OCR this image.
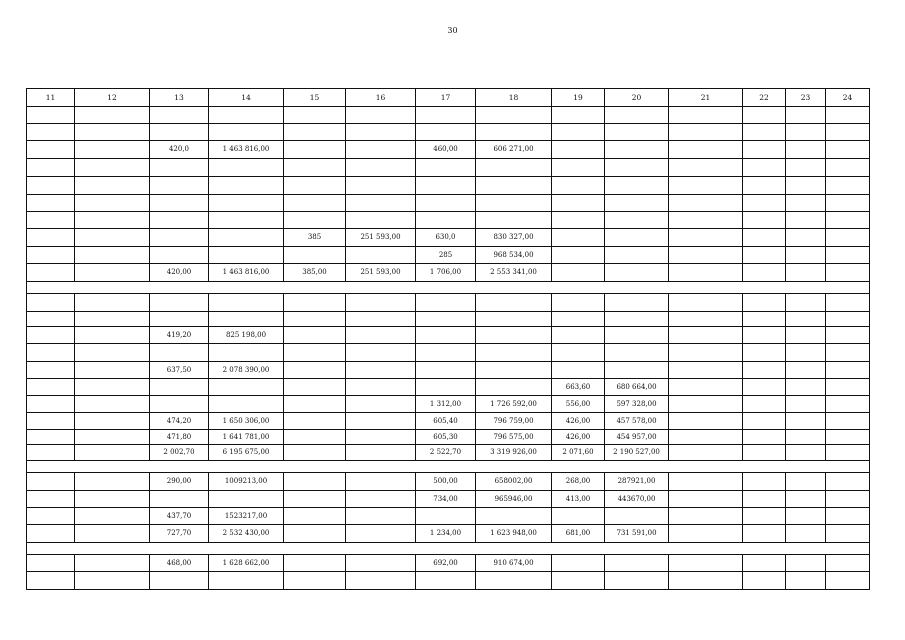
30
11	12	13	14	15	16	17	18	19	20	21	22	23	24

		420,0	1 463 816,00			460,00	606 271,00						

				385	251 593,00	630,0	830 327,00						
						285	968 534,00						
		420,00	1 463 816,00	385,00	251 593,00	1 706,00	2 553 341,00						

		419,20	825 198,00										

		637,50	2 078 390,00										
								663,60	680 664,00				
						1 312,00	1 726 592,00	556,00	597 328,00				
		474,20	1 650 306,00			605,40	796 759,00	426,00	457 578,00				
		471,80	1 641 781,00			605,30	796 575,00	426,00	454 957,00				
		2 002,70	6 195 675,00			2 522,70	3 319 926,00	2 071,60	2 190 527,00				

		290,00	1009213,00			500,00	658002,00	268,00	287921,00				
						734,00	965946,00	413,00	443670,00				
		437,70	1523217,00										
		727,70	2 532 430,00			1 234,00	1 623 948,00	681,00	731 591,00				

		468,00	1 628 662,00			692,00	910 674,00						
